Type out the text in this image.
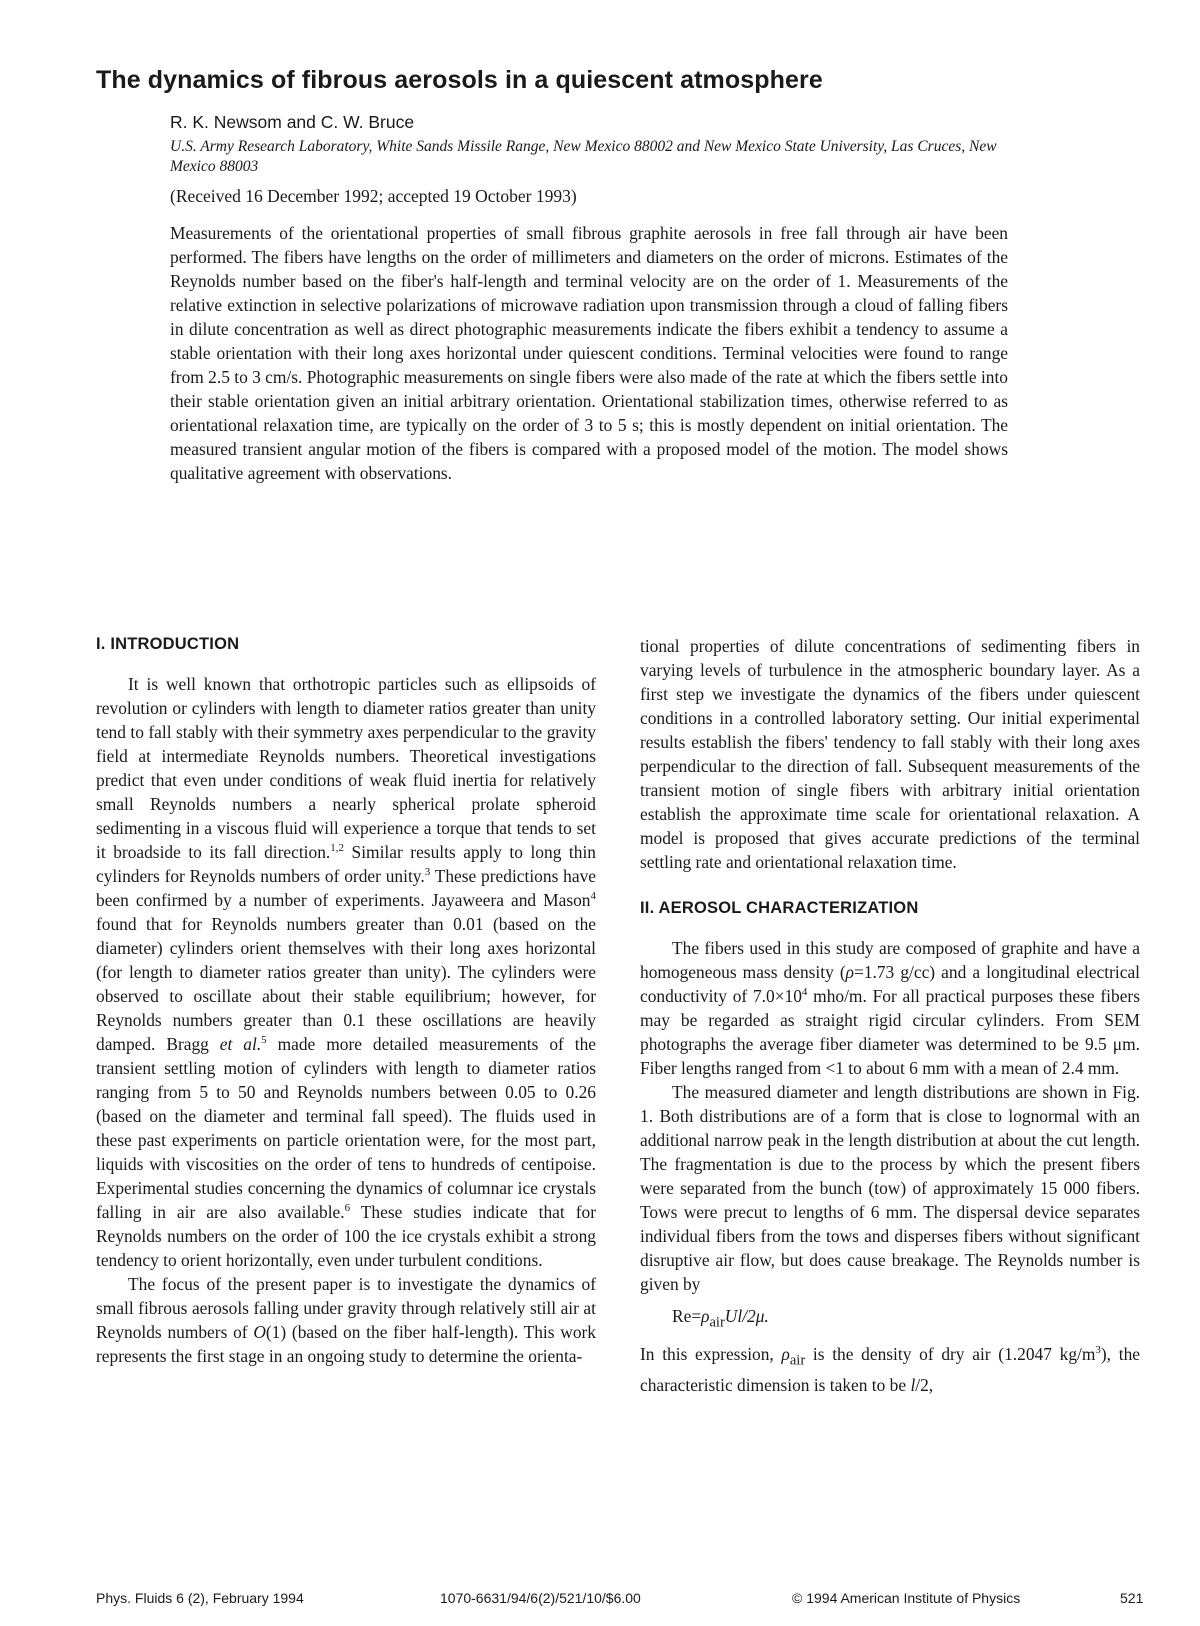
The dynamics of fibrous aerosols in a quiescent atmosphere
R. K. Newsom and C. W. Bruce
U.S. Army Research Laboratory, White Sands Missile Range, New Mexico 88002 and New Mexico State University, Las Cruces, New Mexico 88003
(Received 16 December 1992; accepted 19 October 1993)

Measurements of the orientational properties of small fibrous graphite aerosols in free fall through air have been performed. The fibers have lengths on the order of millimeters and diameters on the order of microns. Estimates of the Reynolds number based on the fiber's half-length and terminal velocity are on the order of 1. Measurements of the relative extinction in selective polarizations of microwave radiation upon transmission through a cloud of falling fibers in dilute concentration as well as direct photographic measurements indicate the fibers exhibit a tendency to assume a stable orientation with their long axes horizontal under quiescent conditions. Terminal velocities were found to range from 2.5 to 3 cm/s. Photographic measurements on single fibers were also made of the rate at which the fibers settle into their stable orientation given an initial arbitrary orientation. Orientational stabilization times, otherwise referred to as orientational relaxation time, are typically on the order of 3 to 5 s; this is mostly dependent on initial orientation. The measured transient angular motion of the fibers is compared with a proposed model of the motion. The model shows qualitative agreement with observations.

I. INTRODUCTION

It is well known that orthotropic particles such as ellipsoids of revolution or cylinders with length to diameter ratios greater than unity tend to fall stably with their symmetry axes perpendicular to the gravity field at intermediate Reynolds numbers. Theoretical investigations predict that even under conditions of weak fluid inertia for relatively small Reynolds numbers a nearly spherical prolate spheroid sedimenting in a viscous fluid will experience a torque that tends to set it broadside to its fall direction.$^{1,2}$ Similar results apply to long thin cylinders for Reynolds numbers of order unity.$^3$ These predictions have been confirmed by a number of experiments. Jayaweera and Mason$^4$ found that for Reynolds numbers greater than 0.01 (based on the diameter) cylinders orient themselves with their long axes horizontal (for length to diameter ratios greater than unity). The cylinders were observed to oscillate about their stable equilibrium; however, for Reynolds numbers greater than 0.1 these oscillations are heavily damped. Bragg et al.$^5$ made more detailed measurements of the transient settling motion of cylinders with length to diameter ratios ranging from 5 to 50 and Reynolds numbers between 0.05 to 0.26 (based on the diameter and terminal fall speed). The fluids used in these past experiments on particle orientation were, for the most part, liquids with viscosities on the order of tens to hundreds of centipoise. Experimental studies concerning the dynamics of columnar ice crystals falling in air are also available.$^6$ These studies indicate that for Reynolds numbers on the order of 100 the ice crystals exhibit a strong tendency to orient horizontally, even under turbulent conditions.

The focus of the present paper is to investigate the dynamics of small fibrous aerosols falling under gravity through relatively still air at Reynolds numbers of O(1) (based on the fiber half-length). This work represents the first stage in an ongoing study to determine the orienta-

tional properties of dilute concentrations of sedimenting fibers in varying levels of turbulence in the atmospheric boundary layer. As a first step we investigate the dynamics of the fibers under quiescent conditions in a controlled laboratory setting. Our initial experimental results establish the fibers' tendency to fall stably with their long axes perpendicular to the direction of fall. Subsequent measurements of the transient motion of single fibers with arbitrary initial orientation establish the approximate time scale for orientational relaxation. A model is proposed that gives accurate predictions of the terminal settling rate and orientational relaxation time.

II. AEROSOL CHARACTERIZATION

The fibers used in this study are composed of graphite and have a homogeneous mass density (ρ=1.73 g/cc) and a longitudinal electrical conductivity of $7.0\times 10^4$ mho/m. For all practical purposes these fibers may be regarded as straight rigid circular cylinders. From SEM photographs the average fiber diameter was determined to be 9.5 μm. Fiber lengths ranged from <1 to about 6 mm with a mean of 2.4 mm.

The measured diameter and length distributions are shown in Fig. 1. Both distributions are of a form that is close to lognormal with an additional narrow peak in the length distribution at about the cut length. The fragmentation is due to the process by which the present fibers were separated from the bunch (tow) of approximately 15 000 fibers. Tows were precut to lengths of 6 mm. The dispersal device separates individual fibers from the tows and disperses fibers without significant disruptive air flow, but does cause breakage. The Reynolds number is given by

$Re=\rho_{air}Ul/2\mu$.

In this expression, $\rho_{air}$ is the density of dry air (1.2047 $kg/m^3$), the characteristic dimension is taken to be l/2,

Phys. Fluids 6 (2), February 1994	1070-6631/94/6(2)/521/10/$6.00	© 1994 American Institute of Physics	521
